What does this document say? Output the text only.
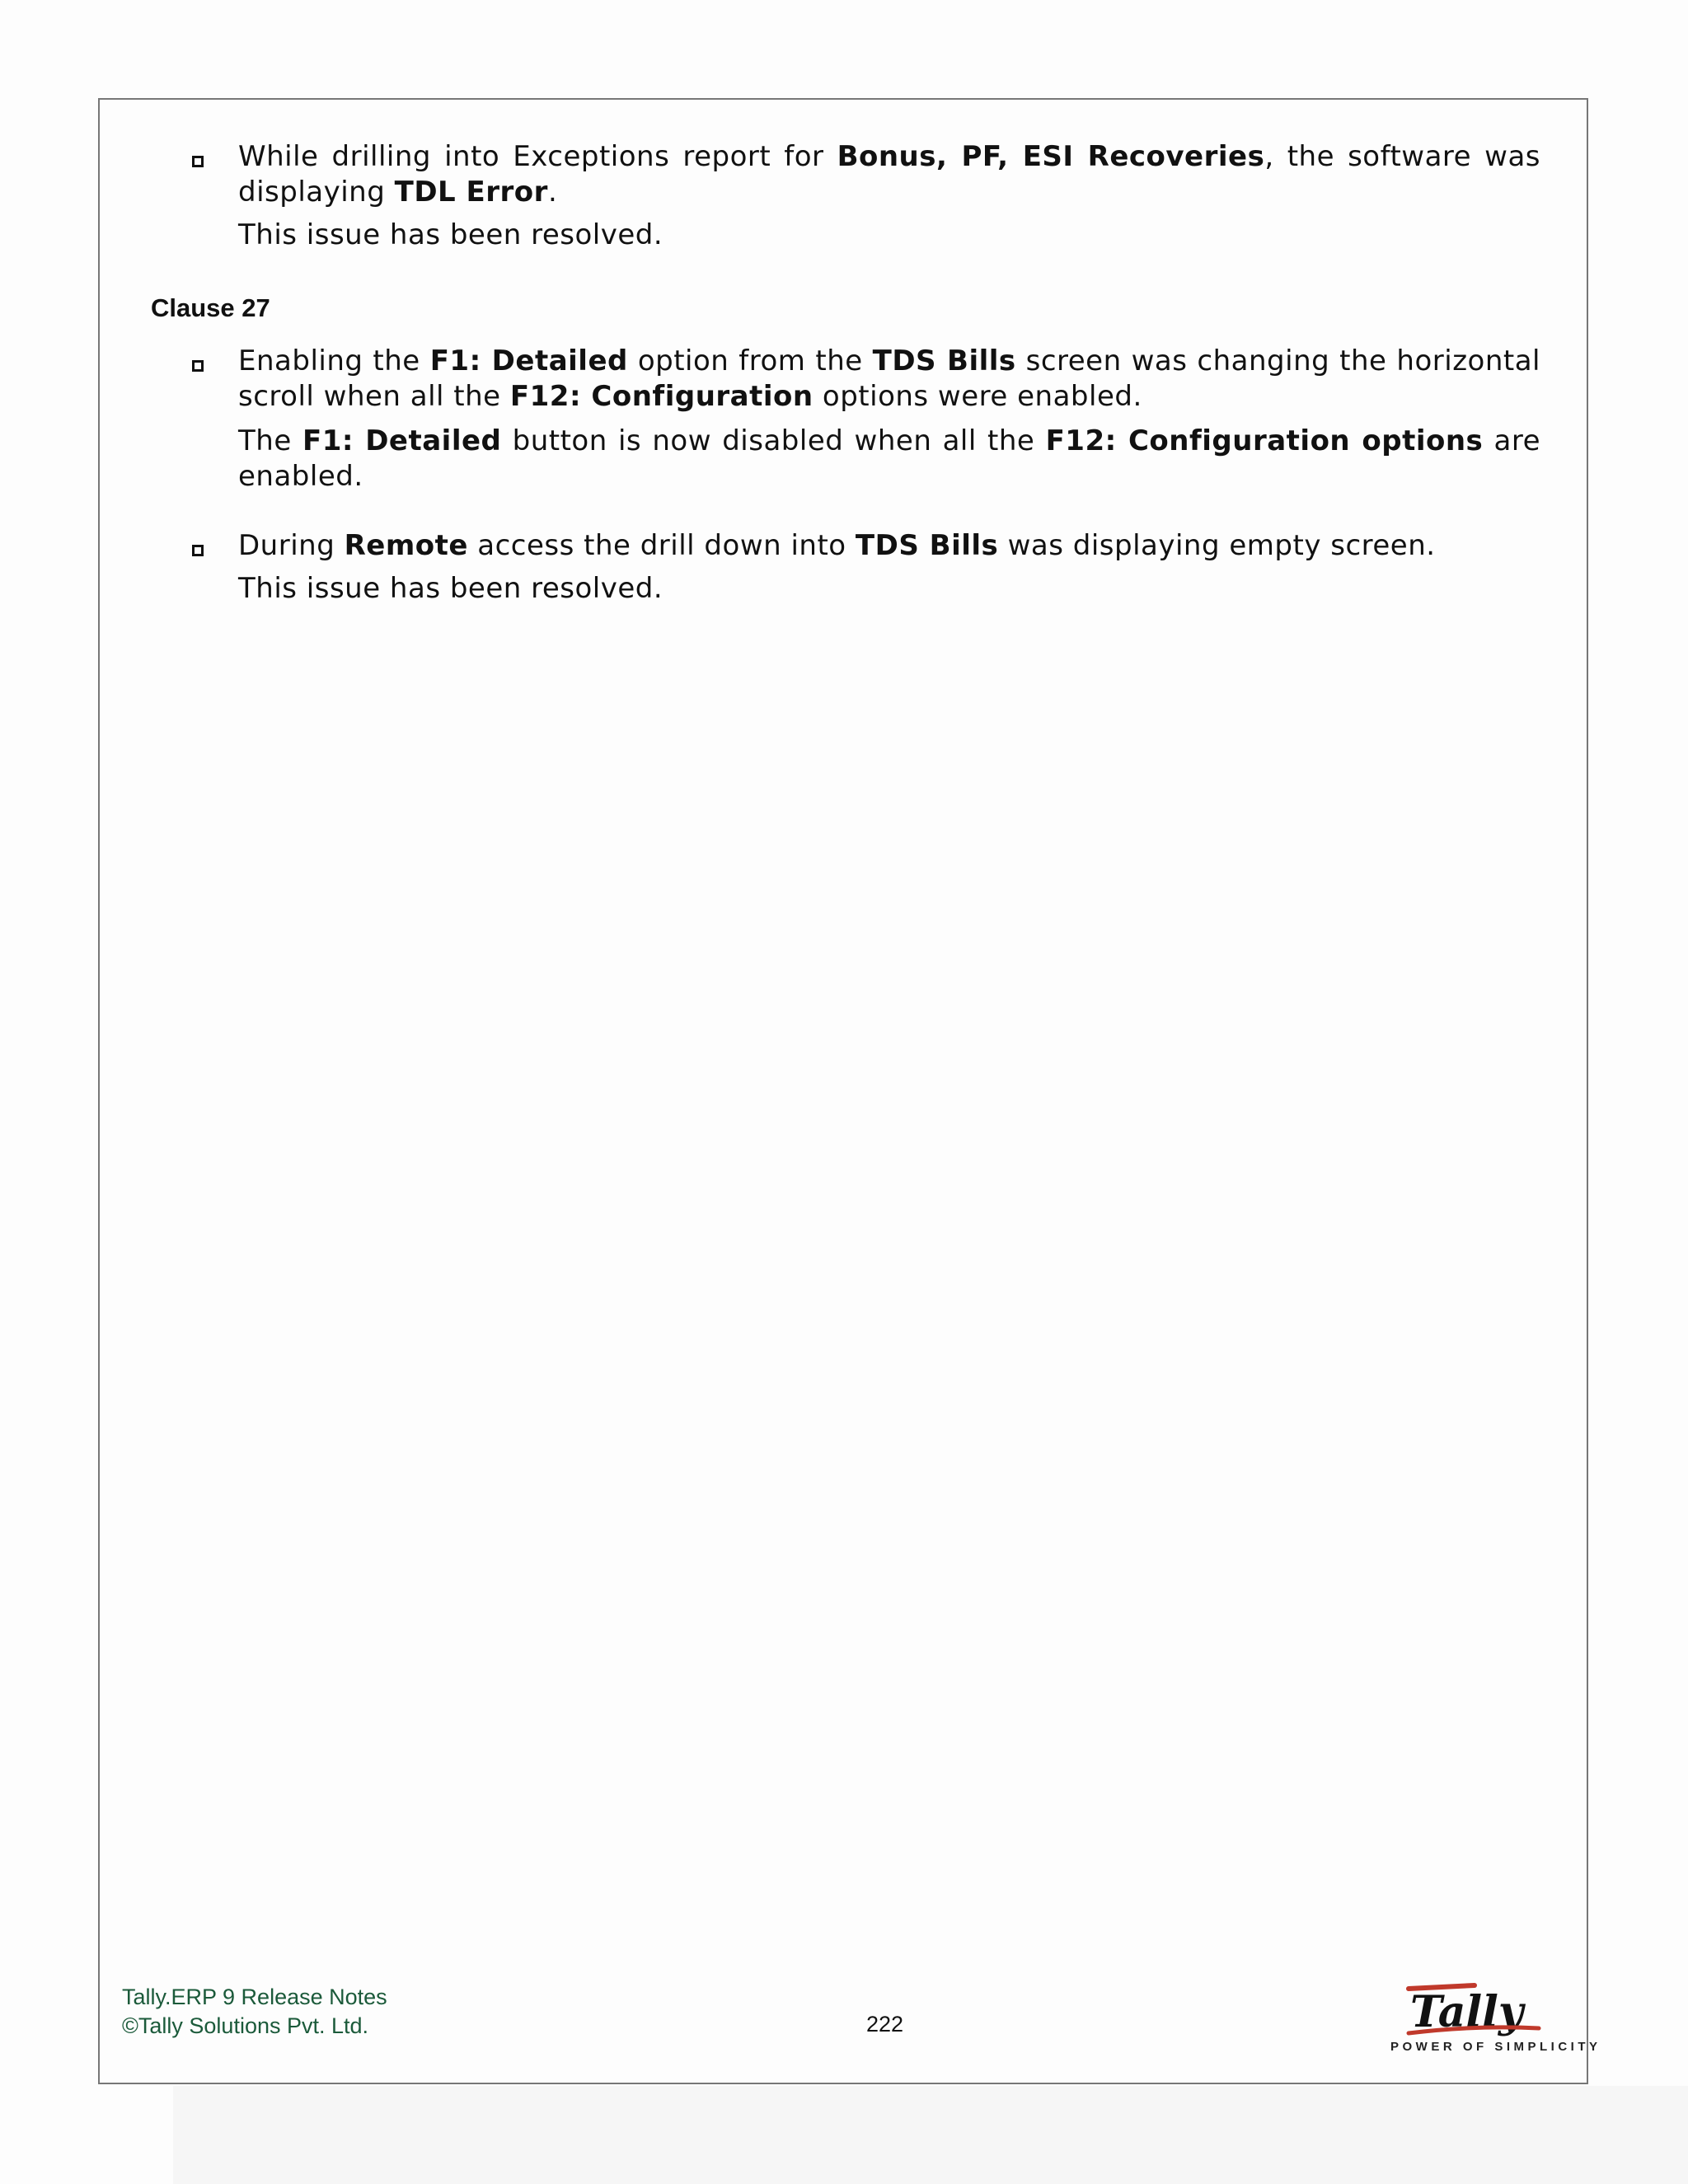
While drilling into Exceptions report for Bonus, PF, ESI Recoveries, the software was displaying TDL Error.
This issue has been resolved.
Clause 27
Enabling the F1: Detailed option from the TDS Bills screen was changing the horizontal scroll when all the F12: Configuration options were enabled.
The F1: Detailed button is now disabled when all the F12: Configuration options are enabled.
During Remote access the drill down into TDS Bills was displaying empty screen.
This issue has been resolved.
Tally.ERP 9 Release Notes
©Tally Solutions Pvt. Ltd.	222	Tally
POWER OF SIMPLICITY
